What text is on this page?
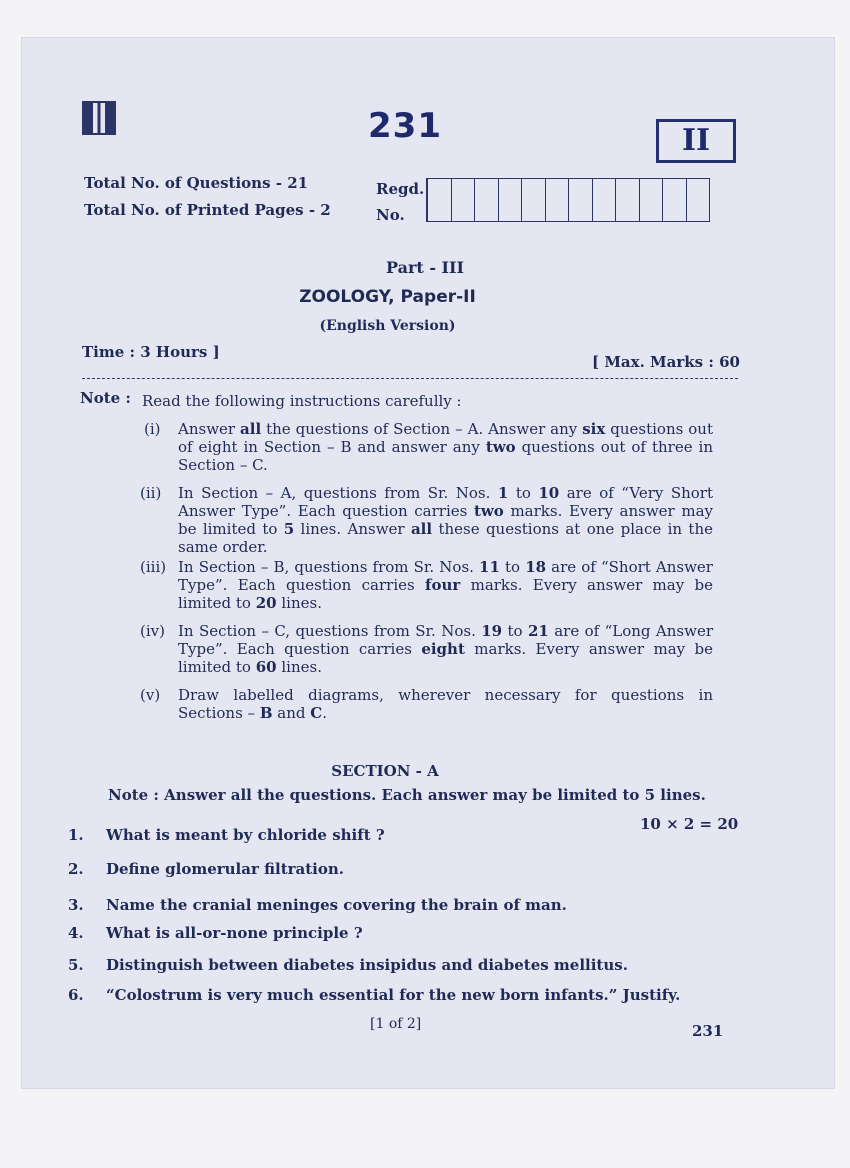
231	II
Total No. of Questions - 21
Total No. of Printed Pages - 2
Regd.
No.
Part - III
ZOOLOGY, Paper-II
(English Version)
Time : 3 Hours ]
[ Max. Marks : 60
Note : Read the following instructions carefully :
(i) Answer all the questions of Section – A. Answer any six questions out of eight in Section – B and answer any two questions out of three in Section – C.
(ii) In Section – A, questions from Sr. Nos. 1 to 10 are of “Very Short Answer Type”. Each question carries two marks. Every answer may be limited to 5 lines. Answer all these questions at one place in the same order.
(iii) In Section – B, questions from Sr. Nos. 11 to 18 are of “Short Answer Type”. Each question carries four marks. Every answer may be limited to 20 lines.
(iv) In Section – C, questions from Sr. Nos. 19 to 21 are of “Long Answer Type”. Each question carries eight marks. Every answer may be limited to 60 lines.
(v) Draw labelled diagrams, wherever necessary for questions in Sections – B and C.
SECTION - A
Note : Answer all the questions. Each answer may be limited to 5 lines.
10 × 2 = 20
1. What is meant by chloride shift ?
2. Define glomerular filtration.
3. Name the cranial meninges covering the brain of man.
4. What is all-or-none principle ?
5. Distinguish between diabetes insipidus and diabetes mellitus.
6. “Colostrum is very much essential for the new born infants.” Justify.
[1 of 2]	231
